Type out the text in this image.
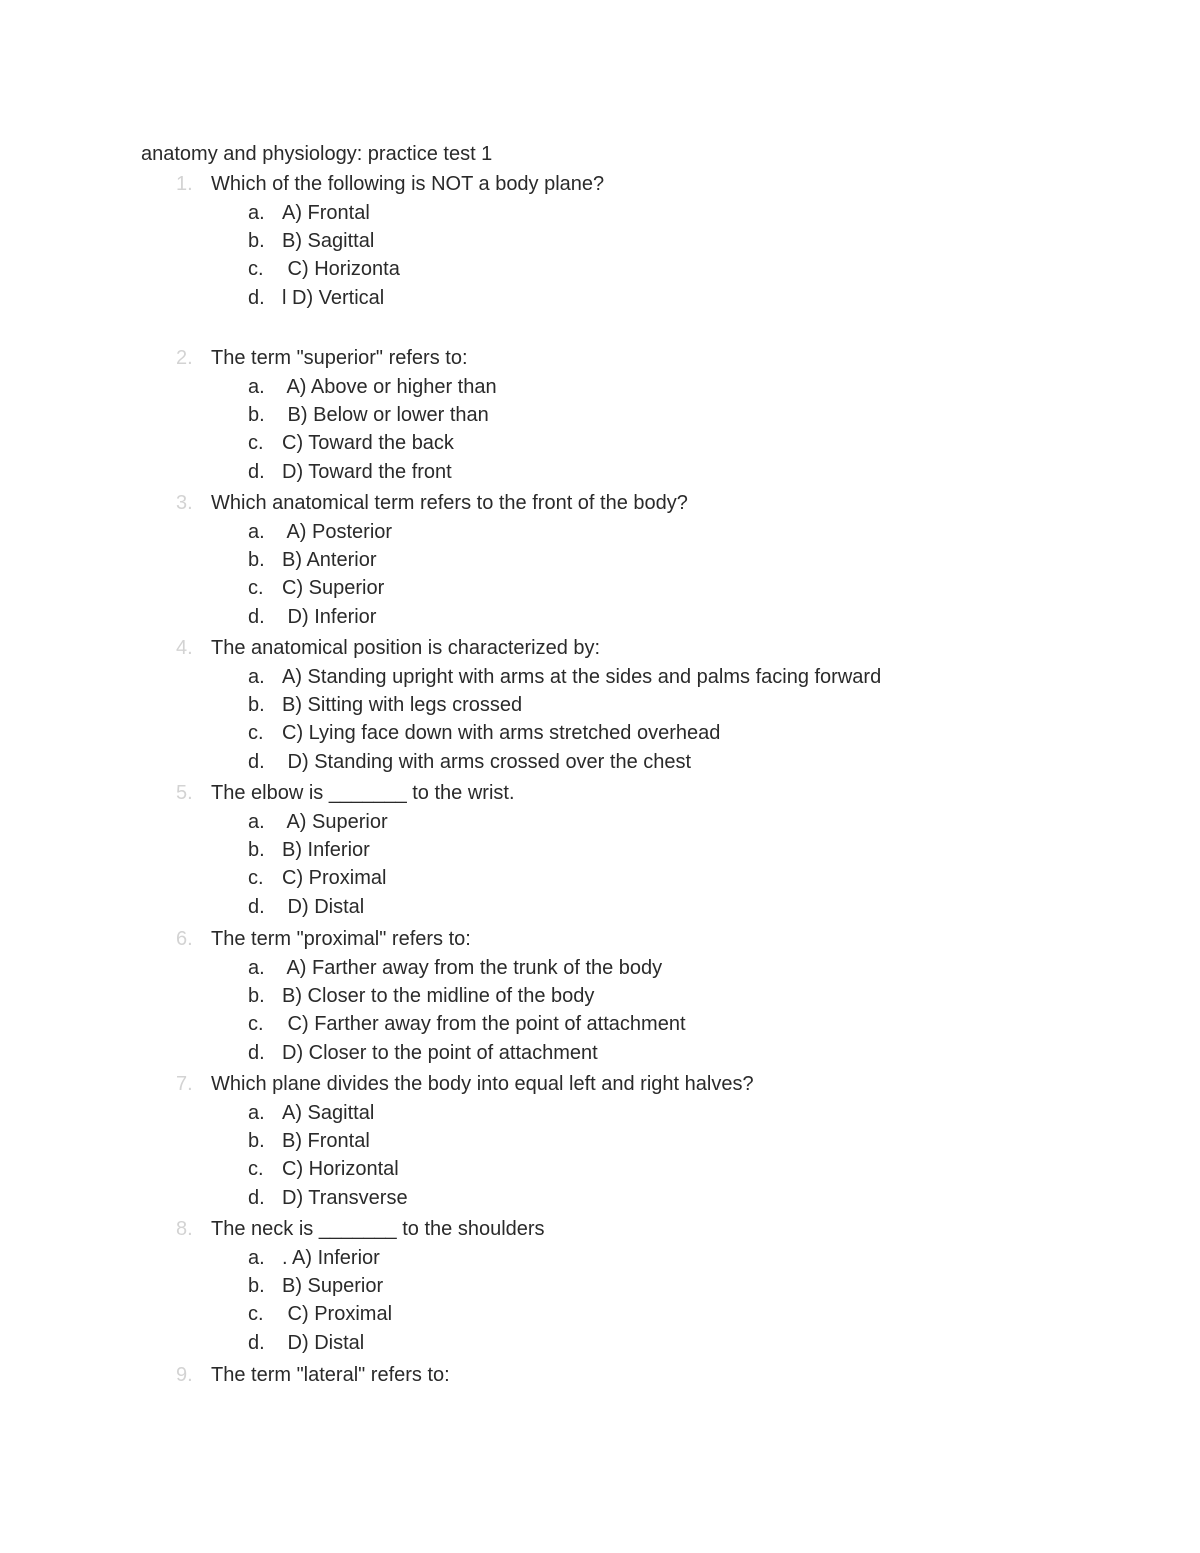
anatomy and physiology: practice test 1
1. Which of the following is NOT a body plane?
a. A) Frontal
b. B) Sagittal
c. C) Horizonta
d. l D) Vertical
2. The term "superior" refers to:
a. A) Above or higher than
b. B) Below or lower than
c. C) Toward the back
d. D) Toward the front
3. Which anatomical term refers to the front of the body?
a. A) Posterior
b. B) Anterior
c. C) Superior
d. D) Inferior
4. The anatomical position is characterized by:
a. A) Standing upright with arms at the sides and palms facing forward
b. B) Sitting with legs crossed
c. C) Lying face down with arms stretched overhead
d. D) Standing with arms crossed over the chest
5. The elbow is _______ to the wrist.
a. A) Superior
b. B) Inferior
c. C) Proximal
d. D) Distal
6. The term "proximal" refers to:
a. A) Farther away from the trunk of the body
b. B) Closer to the midline of the body
c. C) Farther away from the point of attachment
d. D) Closer to the point of attachment
7. Which plane divides the body into equal left and right halves?
a. A) Sagittal
b. B) Frontal
c. C) Horizontal
d. D) Transverse
8. The neck is _______ to the shoulders
a. . A) Inferior
b. B) Superior
c. C) Proximal
d. D) Distal
9. The term "lateral" refers to:
